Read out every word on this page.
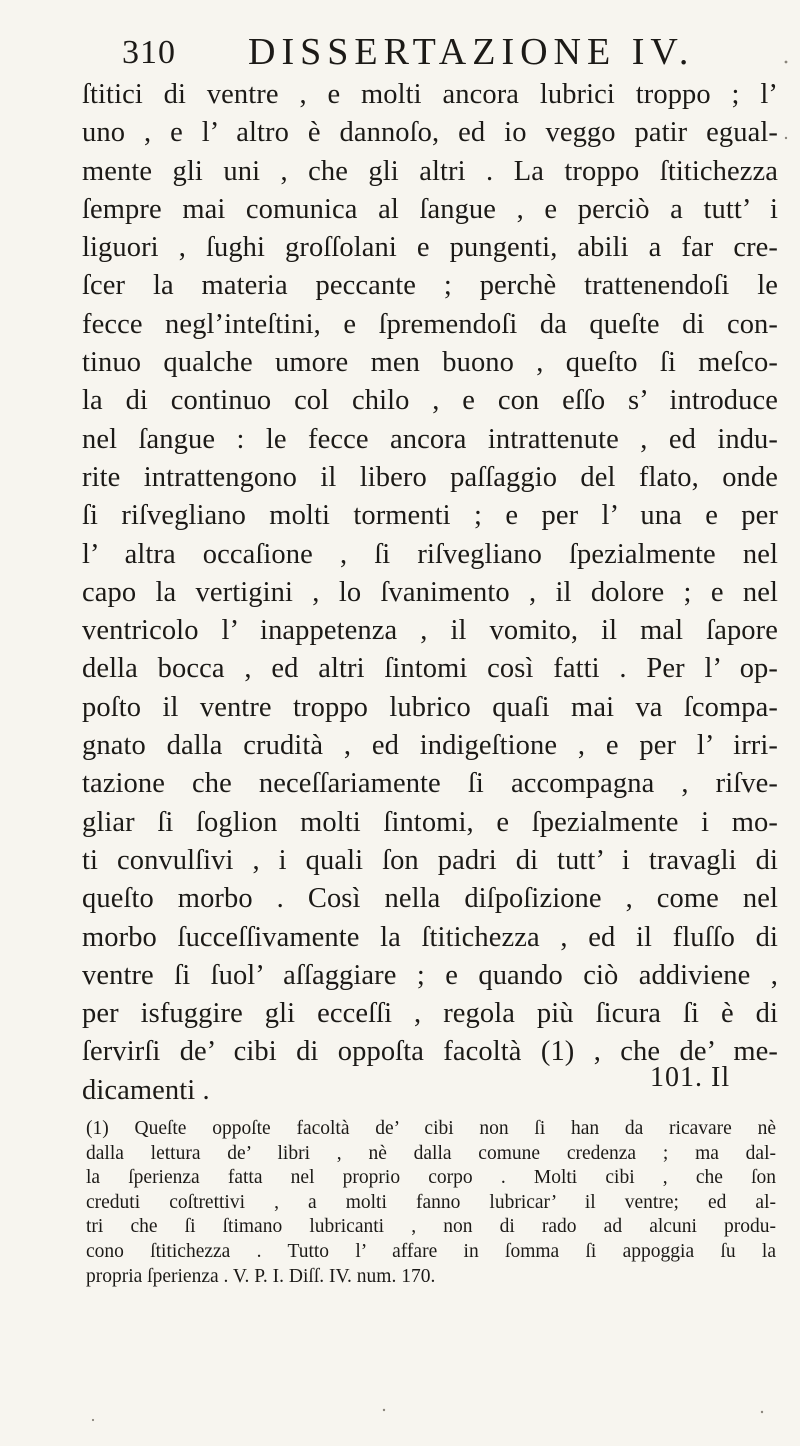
310 DISSERTAZIONE IV.
ſtitici di ventre , e molti ancora lubrici troppo ; l’
uno , e l’ altro è dannoſo, ed io veggo patir egual-
mente gli uni , che gli altri . La troppo ſtitichezza
ſempre mai comunica al ſangue , e perciò a tutt’ i
liguori , ſughi groſſolani e pungenti, abili a far cre-
ſcer la materia peccante ; perchè trattenendoſi le
fecce negl’inteſtini, e ſpremendoſi da queſte di con-
tinuo qualche umore men buono , queſto ſi meſco-
la di continuo col chilo , e con eſſo s’ introduce
nel ſangue : le fecce ancora intrattenute , ed indu-
rite intrattengono il libero paſſaggio del flato, onde
ſi riſvegliano molti tormenti ; e per l’ una e per
l’ altra occaſione , ſi riſvegliano ſpezialmente nel
capo la vertigini , lo ſvanimento , il dolore ; e nel
ventricolo l’ inappetenza , il vomito, il mal ſapore
della bocca , ed altri ſintomi così fatti . Per l’ op-
poſto il ventre troppo lubrico quaſi mai va ſcompa-
gnato dalla crudità , ed indigeſtione , e per l’ irri-
tazione che neceſſariamente ſi accompagna , riſve-
gliar ſi ſoglion molti ſintomi, e ſpezialmente i mo-
ti convulſivi , i quali ſon padri di tutt’ i travagli di
queſto morbo . Così nella diſpoſizione , come nel
morbo ſucceſſivamente la ſtitichezza , ed il fluſſo di
ventre ſi ſuol’ aſſaggiare ; e quando ciò addiviene ,
per isfuggire gli ecceſſi , regola più ſicura ſi è di
ſervirſi de’ cibi di oppoſta facoltà (1) , che de’ me-
dicamenti .	101. Il
(1) Queſte oppoſte facoltà de’ cibi non ſi han da ricavare nè
dalla lettura de’ libri , nè dalla comune credenza ; ma dal-
la ſperienza fatta nel proprio corpo . Molti cibi , che ſon
creduti coſtrettivi , a molti fanno lubricar’ il ventre; ed al-
tri che ſi ſtimano lubricanti , non di rado ad alcuni produ-
cono ſtitichezza . Tutto l’ affare in ſomma ſi appoggia ſu la
propria ſperienza . V. P. I. Diſſ. IV. num. 170.
